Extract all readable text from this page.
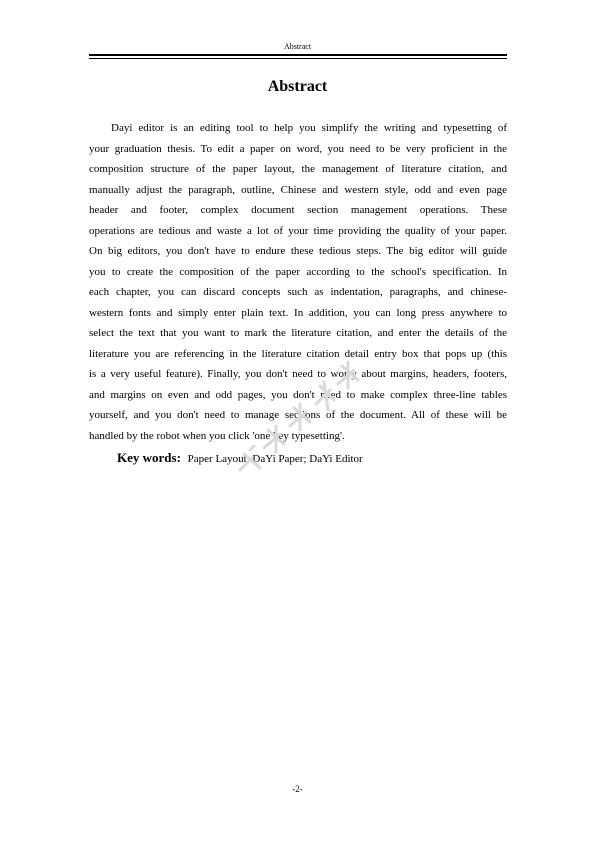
Abstract
Abstract
Dayi editor is an editing tool to help you simplify the writing and typesetting of
your graduation thesis. To edit a paper on word, you need to be very proficient in the
composition structure of the paper layout, the management of literature citation, and
manually adjust the paragraph, outline, Chinese and western style, odd and even page
header and footer, complex document section management operations. These
operations are tedious and waste a lot of your time providing the quality of your paper.
On big editors, you don't have to endure these tedious steps. The big editor will guide
you to create the composition of the paper according to the school's specification. In
each chapter, you can discard concepts such as indentation, paragraphs, and chinese-
western fonts and simply enter plain text. In addition, you can long press anywhere to
select the text that you want to mark the literature citation, and enter the details of the
literature you are referencing in the literature citation detail entry box that pops up (this
is a very useful feature). Finally, you don't need to worry about margins, headers, footers,
and margins on even and odd pages, you don't need to make complex three-line tables
yourself, and you don't need to manage sections of the document. All of these will be
handled by the robot when you click 'one key typesetting'.
Key words: Paper Layout; DaYi Paper; DaYi Editor
-2-
